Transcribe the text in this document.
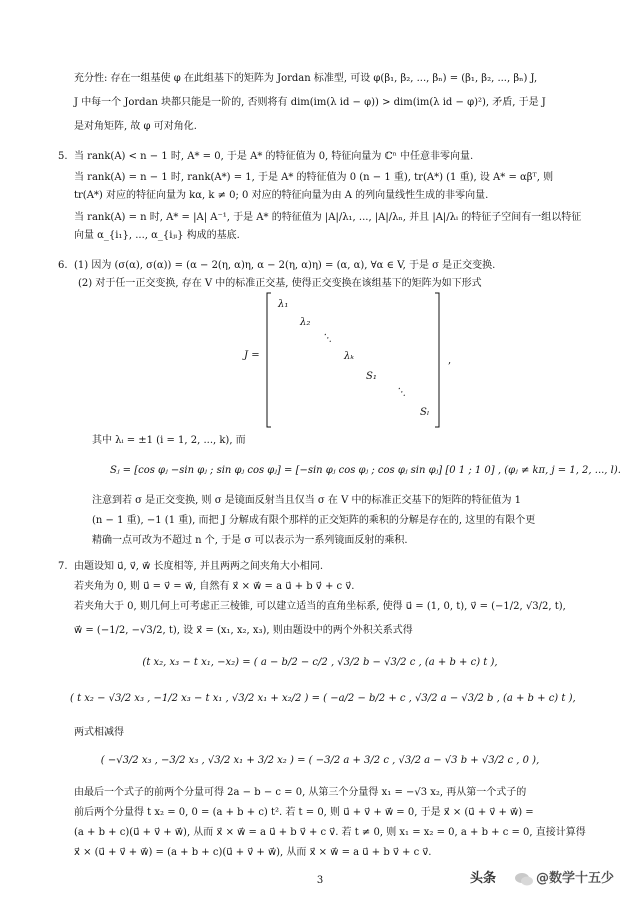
充分性: 存在一组基使 φ 在此组基下的矩阵为 Jordan 标准型, 可设 φ(β₁, β₂, ..., βₙ) = (β₁, β₂, ..., βₙ) J,

J 中每一个 Jordan 块都只能是一阶的, 否则将有 dim(im(λ id − φ)) > dim(im(λ id − φ)²), 矛盾, 于是 J

是对角矩阵, 故 φ 可对角化.

5. 当 rank(A) < n − 1 时, A* = 0, 于是 A* 的特征值为 0, 特征向量为 ℂⁿ 中任意非零向量.

当 rank(A) = n − 1 时, rank(A*) = 1, 于是 A* 的特征值为 0 (n − 1 重), tr(A*) (1 重), 设 A* = αβᵀ, 则

tr(A*) 对应的特征向量为 kα, k ≠ 0; 0 对应的特征向量为由 A 的列向量线性生成的非零向量.

当 rank(A) = n 时, A* = |A| A⁻¹, 于是 A* 的特征值为 |A|/λ₁, ..., |A|/λₙ, 并且 |A|/λᵢ 的特征子空间有一组以特征

向量 α_{i₁}, ..., α_{iⱼᵢ} 构成的基底.

6. (1) 因为 (σ(α), σ(α)) = (α − 2(η, α)η, α − 2(η, α)η) = (α, α), ∀α ∈ V, 于是 σ 是正交变换.

(2) 对于任一正交变换, 存在 V 中的标准正交基, 使得正交变换在该组基下的矩阵为如下形式

J =
λ₁
λ₂
⋱
λₖ
S₁
⋱
Sₗ
,

其中 λᵢ = ±1 (i = 1, 2, ..., k), 而

Sⱼ = [cos φⱼ −sin φⱼ ; sin φⱼ cos φⱼ] = [−sin φⱼ cos φⱼ ; cos φⱼ sin φⱼ] [0 1 ; 1 0] , (φⱼ ≠ kπ, j = 1, 2, ..., l).

注意到若 σ 是正交变换, 则 σ 是镜面反射当且仅当 σ 在 V 中的标准正交基下的矩阵的特征值为 1

(n − 1 重), −1 (1 重), 而把 J 分解成有限个那样的正交矩阵的乘积的分解是存在的, 这里的有限个更

精确一点可改为不超过 n 个, 于是 σ 可以表示为一系列镜面反射的乘积.

7. 由题设知 u⃗, v⃗, w⃗ 长度相等, 并且两两之间夹角大小相同.

若夹角为 0, 则 u⃗ = v⃗ = w⃗, 自然有 x⃗ × w⃗ = a u⃗ + b v⃗ + c v⃗.

若夹角大于 0, 则几何上可考虑正三棱锥, 可以建立适当的直角坐标系, 使得 u⃗ = (1, 0, t), v⃗ = (−1/2, √3/2, t),

w⃗ = (−1/2, −√3/2, t), 设 x⃗ = (x₁, x₂, x₃), 则由题设中的两个外积关系式得

(t x₂, x₃ − t x₁, −x₂) = ( a − b/2 − c/2 , √3/2 b − √3/2 c , (a + b + c) t ),

( t x₂ − √3/2 x₃ , −1/2 x₃ − t x₁ , √3/2 x₁ + x₂/2 ) = ( −a/2 − b/2 + c , √3/2 a − √3/2 b , (a + b + c) t ),

两式相减得

( −√3/2 x₃ , −3/2 x₃ , √3/2 x₁ + 3/2 x₂ ) = ( −3/2 a + 3/2 c , √3/2 a − √3 b + √3/2 c , 0 ),

由最后一个式子的前两个分量可得 2a − b − c = 0, 从第三个分量得 x₁ = −√3 x₂, 再从第一个式子的

前后两个分量得 t x₂ = 0, 0 = (a + b + c) t². 若 t = 0, 则 u⃗ + v⃗ + w⃗ = 0, 于是 x⃗ × (u⃗ + v⃗ + w⃗) =

(a + b + c)(u⃗ + v⃗ + w⃗), 从而 x⃗ × w⃗ = a u⃗ + b v⃗ + c v⃗. 若 t ≠ 0, 则 x₁ = x₂ = 0, a + b + c = 0, 直接计算得

x⃗ × (u⃗ + v⃗ + w⃗) = (a + b + c)(u⃗ + v⃗ + w⃗), 从而 x⃗ × w⃗ = a u⃗ + b v⃗ + c v⃗.

3	头条	@数学十五少
